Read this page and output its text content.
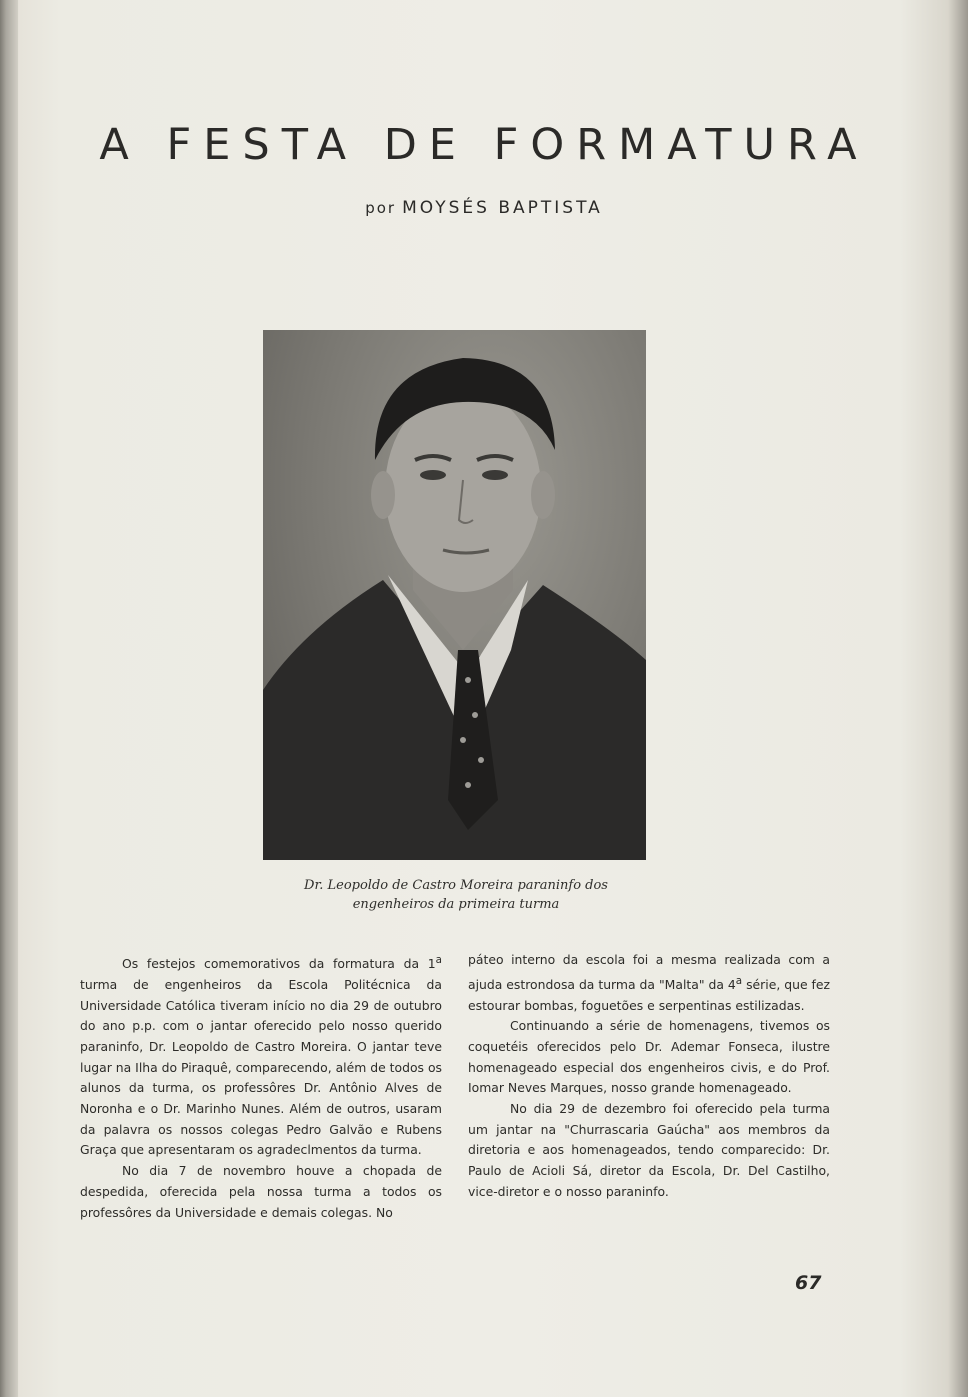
A FESTA DE FORMATURA
por MOYSÉS BAPTISTA
Dr. Leopoldo de Castro Moreira paraninfo dos
engenheiros da primeira turma

Os festejos comemorativos da formatura da 1$^a$ turma de engenheiros da Escola Politécnica da Universidade Católica tiveram início no dia 29 de outubro do ano p.p. com o jantar oferecido pelo nosso querido paraninfo, Dr. Leopoldo de Castro Moreira. O jantar teve lugar na Ilha do Piraquê, comparecendo, além de todos os alunos da turma, os professôres Dr. Antônio Alves de Noronha e o Dr. Marinho Nunes. Além de outros, usaram da palavra os nossos colegas Pedro Galvão e Rubens Graça que apresentaram os agradeclmentos da turma.

No dia 7 de novembro houve a chopada de despedida, oferecida pela nossa turma a todos os professôres da Universidade e demais colegas. No

páteo interno da escola foi a mesma realizada com a ajuda estrondosa da turma da "Malta" da 4$^a$ série, que fez estourar bombas, foguetões e serpentinas estilizadas.

Continuando a série de homenagens, tivemos os coquetéis oferecidos pelo Dr. Ademar Fonseca, ilustre homenageado especial dos engenheiros civis, e do Prof. Iomar Neves Marques, nosso grande homenageado.

No dia 29 de dezembro foi oferecido pela turma um jantar na "Churrascaria Gaúcha" aos membros da diretoria e aos homenageados, tendo comparecido: Dr. Paulo de Acioli Sá, diretor da Escola, Dr. Del Castilho, vice-diretor e o nosso paraninfo.

67
